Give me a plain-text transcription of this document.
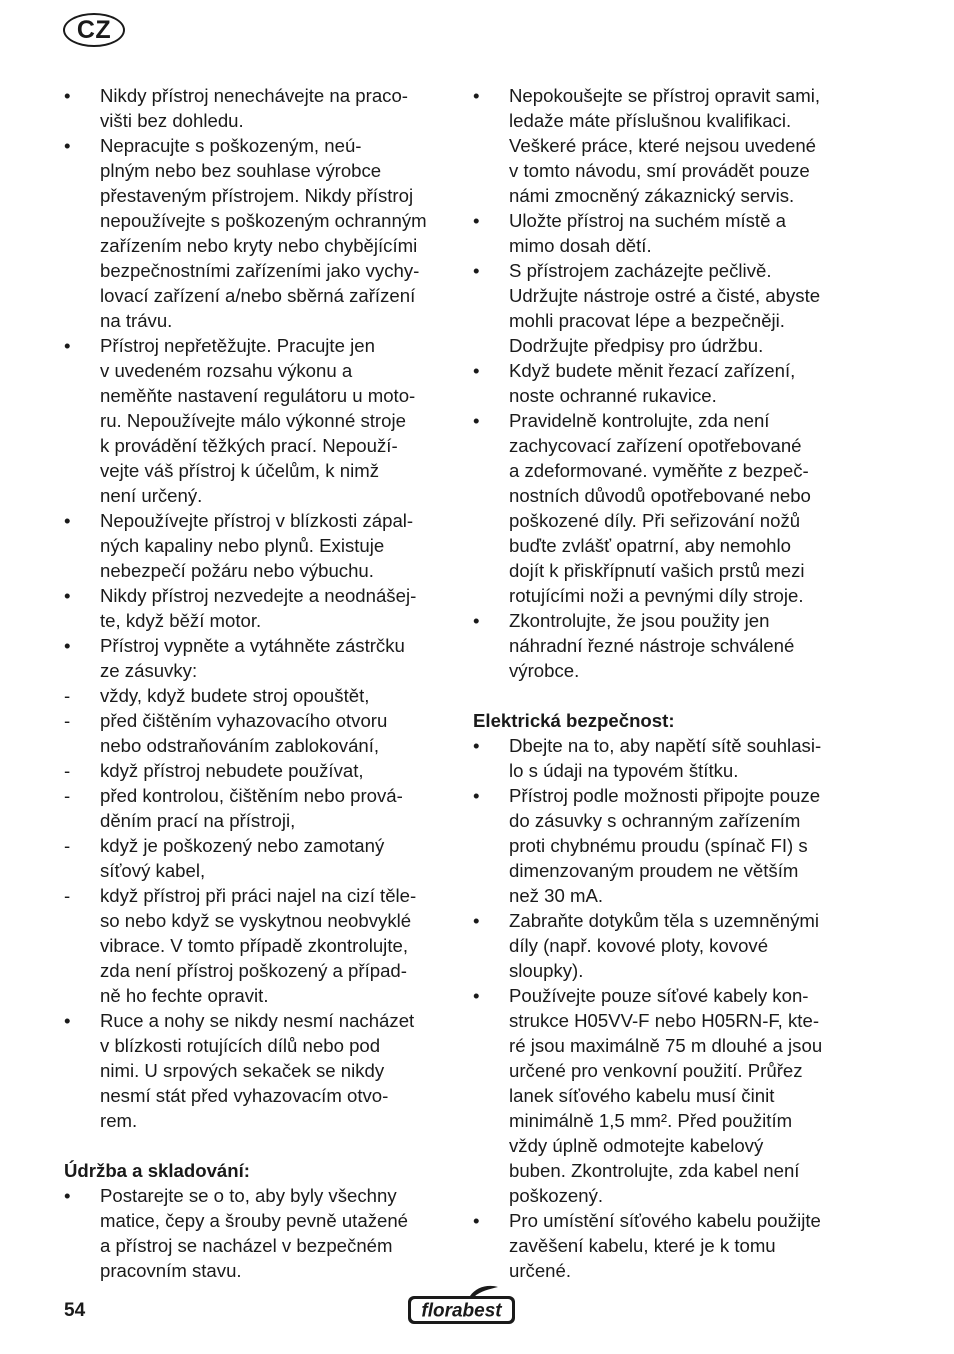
CZ
•	Nikdy přístroj nenechávejte na praco-
višti bez dohledu.
•	Nepracujte s poškozeným, neú-
plným nebo bez souhlase výrobce
přestaveným přístrojem. Nikdy přístroj
nepoužívejte s poškozeným ochranným
zařízením nebo kryty nebo chybějícími
bezpečnostními zařízeními jako vychy-
lovací zařízení a/nebo sběrná zařízení
na trávu.
•	Přístroj nepřetěžujte. Pracujte jen
v uvedeném rozsahu výkonu a
neměňte nastavení regulátoru u moto-
ru. Nepoužívejte málo výkonné stroje
k provádění těžkých prací. Nepouží-
vejte váš přístroj k účelům, k nimž
není určený.
•	Nepoužívejte přístroj v blízkosti zápal-
ných kapaliny nebo plynů. Existuje
nebezpečí požáru nebo výbuchu.
•	Nikdy přístroj nezvedejte a neodnášej-
te, když běží motor.
•	Přístroj vypněte a vytáhněte zástrčku
ze zásuvky:
-	vždy, když budete stroj opouštět,
-	před čištěním vyhazovacího otvoru
nebo odstraňováním zablokování,
-	když přístroj nebudete používat,
-	před kontrolou, čištěním nebo prová-
děním prací na přístroji,
-	když je poškozený nebo zamotaný
síťový kabel,
-	když přístroj při práci najel na cizí těle-
so nebo když se vyskytnou neobvyklé
vibrace. V tomto případě zkontrolujte,
zda není přístroj poškozený a případ-
ně ho fechte opravit.
•	Ruce a nohy se nikdy nesmí nacházet
v blízkosti rotujících dílů nebo pod
nimi. U srpových sekaček se nikdy
nesmí stát před vyhazovacím otvo-
rem.
Údržba a skladování:
•	Postarejte se o to, aby byly všechny
matice, čepy a šrouby pevně utažené
a přístroj se nacházel v bezpečném
pracovním stavu.
•	Nepokoušejte se přístroj opravit sami,
ledaže máte příslušnou kvalifikaci.
Veškeré práce, které nejsou uvedené
v tomto návodu, smí provádět pouze
námi zmocněný zákaznický servis.
•	Uložte přístroj na suchém místě a
mimo dosah dětí.
•	S přístrojem zacházejte pečlivě.
Udržujte nástroje ostré a čisté, abyste
mohli pracovat lépe a bezpečněji.
Dodržujte předpisy pro údržbu.
•	Když budete měnit řezací zařízení,
noste ochranné rukavice.
•	Pravidelně kontrolujte, zda není
zachycovací zařízení opotřebované
a zdeformované. vyměňte z bezpeč-
nostních důvodů opotřebované nebo
poškozené díly. Při seřizování nožů
buďte zvlášť opatrní, aby nemohlo
dojít k přiskřípnutí vašich prstů mezi
rotujícími noži a pevnými díly stroje.
•	Zkontrolujte, že jsou použity jen
náhradní řezné nástroje schválené
výrobce.
Elektrická bezpečnost:
•	Dbejte na to, aby napětí sítě souhlasi-
lo s údaji na typovém štítku.
•	Přístroj podle možnosti připojte pouze
do zásuvky s ochranným zařízením
proti chybnému proudu (spínač FI) s
dimenzovaným proudem ne větším
než 30 mA.
•	Zabraňte dotykům těla s uzemněnými
díly (např. kovové ploty, kovové
sloupky).
•	Používejte pouze síťové kabely kon-
strukce H05VV-F nebo H05RN-F, kte-
ré jsou maximálně 75 m dlouhé a jsou
určené pro venkovní použití. Průřez
lanek síťového kabelu musí činit
minimálně 1,5 mm². Před použitím
vždy úplně odmotejte kabelový
buben. Zkontrolujte, zda kabel není
poškozený.
•	Pro umístění síťového kabelu použijte
zavěšení kabelu, které je k tomu
určené.
54	florabest
